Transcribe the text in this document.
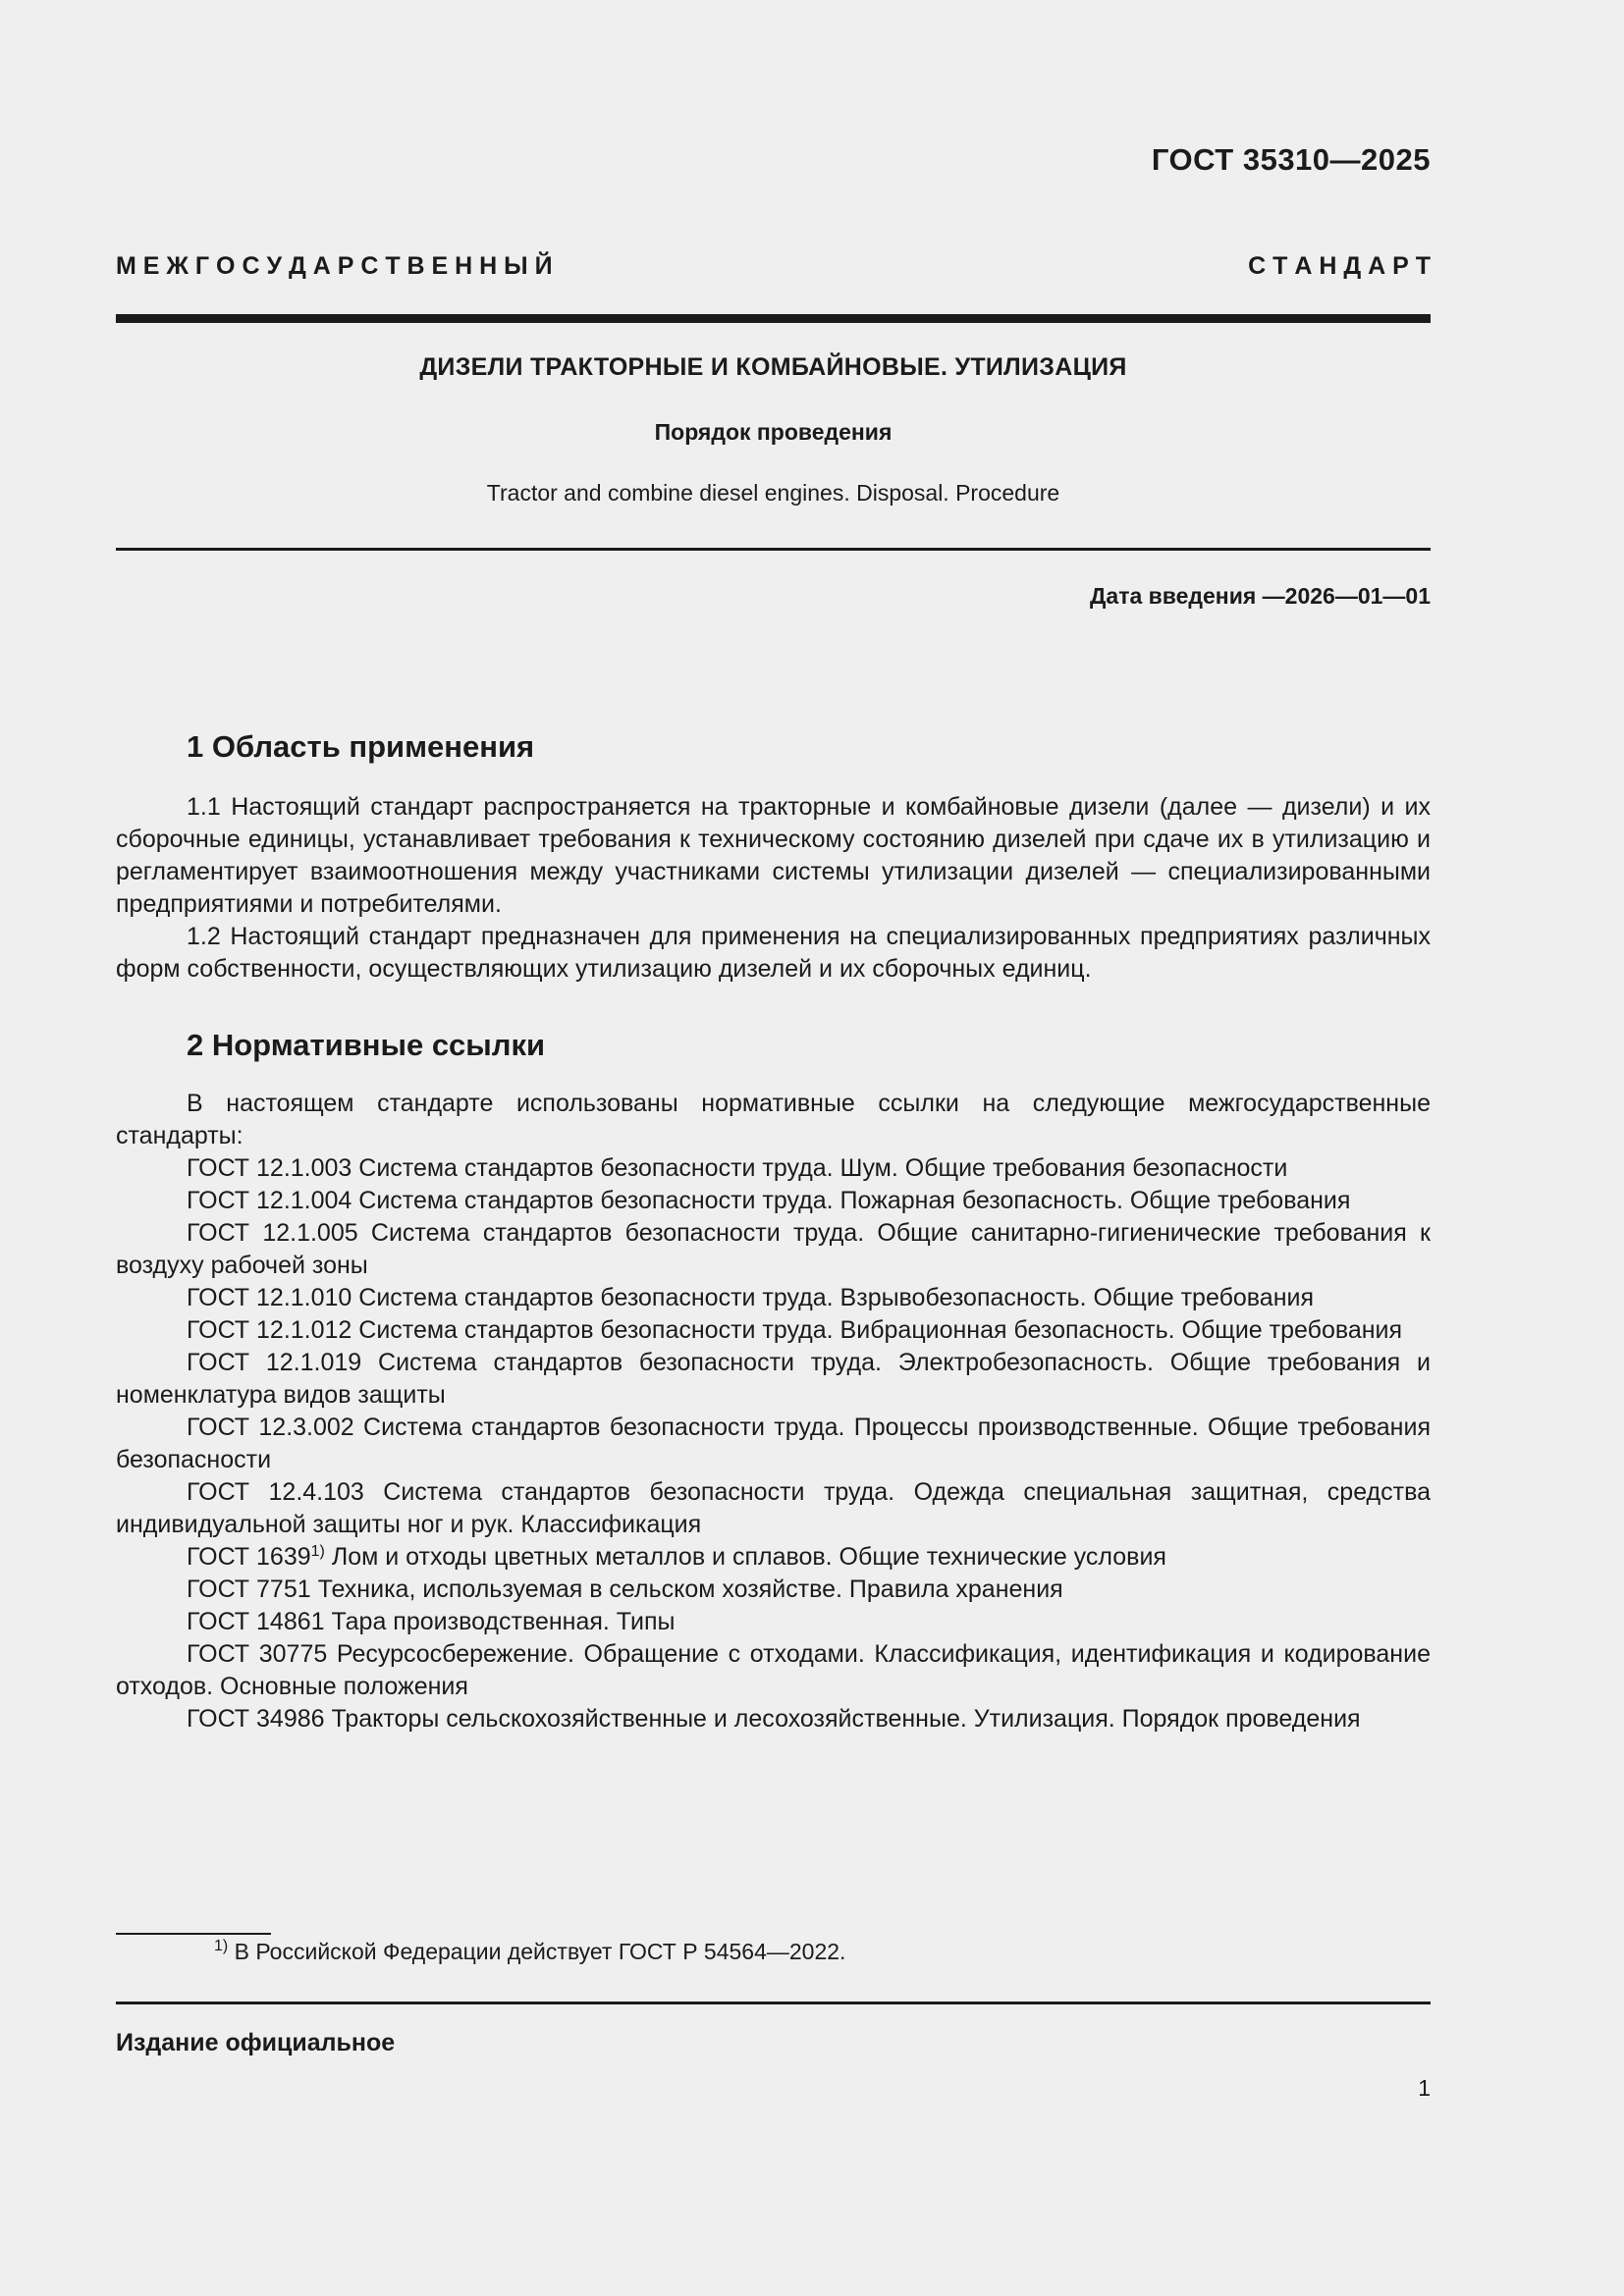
ГОСТ 35310—2025
М Е Ж Г О С У Д А Р С Т В Е Н Н Ы Й	С Т А Н Д А Р Т
ДИЗЕЛИ ТРАКТОРНЫЕ И КОМБАЙНОВЫЕ. УТИЛИЗАЦИЯ
Порядок проведения
Tractor and combine diesel engines. Disposal. Procedure
Дата введения —2026—01—01
1 Область применения

1.1 Настоящий стандарт распространяется на тракторные и комбайновые дизели (далее — дизели) и их сборочные единицы, устанавливает требования к техническому состоянию дизелей при сдаче их в утилизацию и регламентирует взаимоотношения между участниками системы утилизации дизелей — специализированными предприятиями и потребителями.

1.2 Настоящий стандарт предназначен для применения на специализированных предприятиях различных форм собственности, осуществляющих утилизацию дизелей и их сборочных единиц.

2 Нормативные ссылки

В настоящем стандарте использованы нормативные ссылки на следующие межгосударственные стандарты:

ГОСТ 12.1.003 Система стандартов безопасности труда. Шум. Общие требования безопасности

ГОСТ 12.1.004 Система стандартов безопасности труда. Пожарная безопасность. Общие требования

ГОСТ 12.1.005 Система стандартов безопасности труда. Общие санитарно-гигиенические требования к воздуху рабочей зоны

ГОСТ 12.1.010 Система стандартов безопасности труда. Взрывобезопасность. Общие требования

ГОСТ 12.1.012 Система стандартов безопасности труда. Вибрационная безопасность. Общие требования

ГОСТ 12.1.019 Система стандартов безопасности труда. Электробезопасность. Общие требования и номенклатура видов защиты

ГОСТ 12.3.002 Система стандартов безопасности труда. Процессы производственные. Общие требования безопасности

ГОСТ 12.4.103 Система стандартов безопасности труда. Одежда специальная защитная, средства индивидуальной защиты ног и рук. Классификация

ГОСТ 1639$^{1)}$ Лом и отходы цветных металлов и сплавов. Общие технические условия

ГОСТ 7751 Техника, используемая в сельском хозяйстве. Правила хранения

ГОСТ 14861 Тара производственная. Типы

ГОСТ 30775 Ресурсосбережение. Обращение с отходами. Классификация, идентификация и кодирование отходов. Основные положения

ГОСТ 34986 Тракторы сельскохозяйственные и лесохозяйственные. Утилизация. Порядок проведения

$^{1)}$ В Российской Федерации действует ГОСТ Р 54564—2022.
Издание официальное
1
